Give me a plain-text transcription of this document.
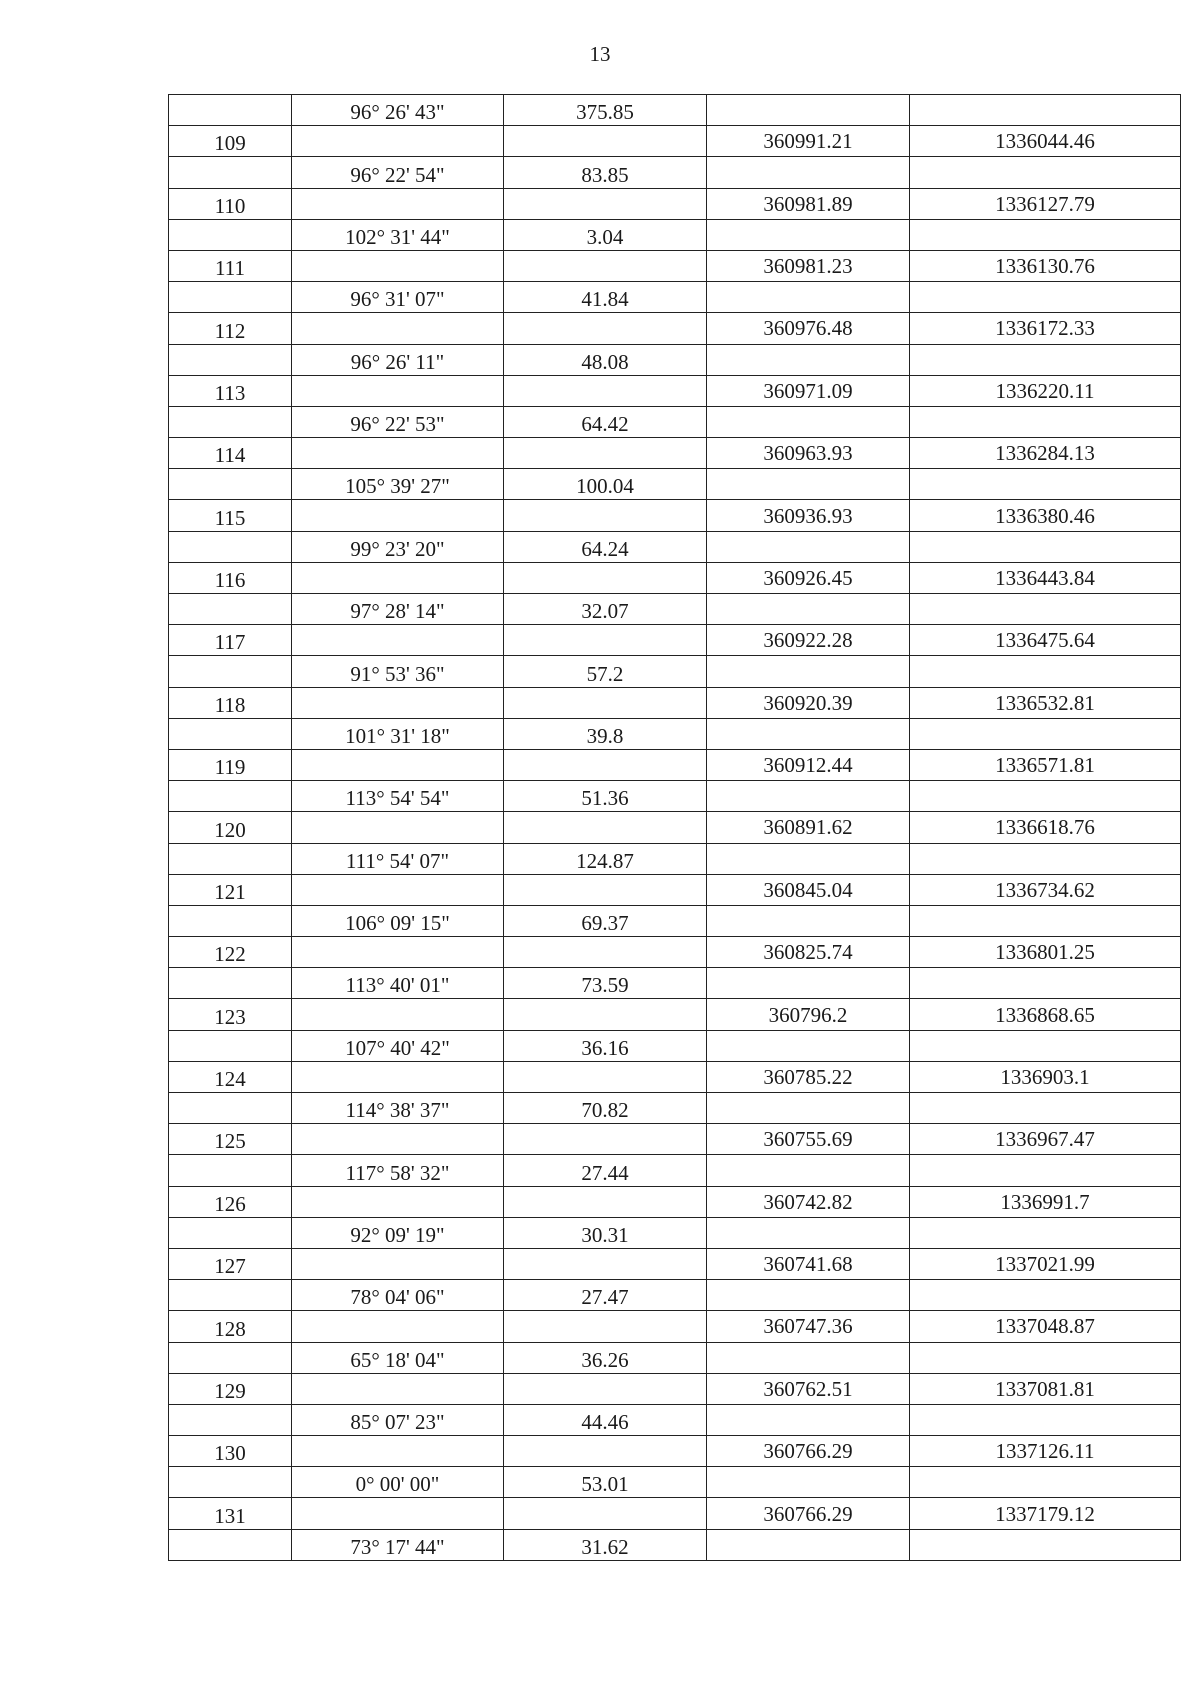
13
	96° 26' 43"	375.85		
109			360991.21	1336044.46
	96° 22' 54"	83.85		
110			360981.89	1336127.79
	102° 31' 44"	3.04		
111			360981.23	1336130.76
	96° 31' 07"	41.84		
112			360976.48	1336172.33
	96° 26' 11"	48.08		
113			360971.09	1336220.11
	96° 22' 53"	64.42		
114			360963.93	1336284.13
	105° 39' 27"	100.04		
115			360936.93	1336380.46
	99° 23' 20"	64.24		
116			360926.45	1336443.84
	97° 28' 14"	32.07		
117			360922.28	1336475.64
	91° 53' 36"	57.2		
118			360920.39	1336532.81
	101° 31' 18"	39.8		
119			360912.44	1336571.81
	113° 54' 54"	51.36		
120			360891.62	1336618.76
	111° 54' 07"	124.87		
121			360845.04	1336734.62
	106° 09' 15"	69.37		
122			360825.74	1336801.25
	113° 40' 01"	73.59		
123			360796.2	1336868.65
	107° 40' 42"	36.16		
124			360785.22	1336903.1
	114° 38' 37"	70.82		
125			360755.69	1336967.47
	117° 58' 32"	27.44		
126			360742.82	1336991.7
	92° 09' 19"	30.31		
127			360741.68	1337021.99
	78° 04' 06"	27.47		
128			360747.36	1337048.87
	65° 18' 04"	36.26		
129			360762.51	1337081.81
	85° 07' 23"	44.46		
130			360766.29	1337126.11
	0° 00' 00"	53.01		
131			360766.29	1337179.12
	73° 17' 44"	31.62		
